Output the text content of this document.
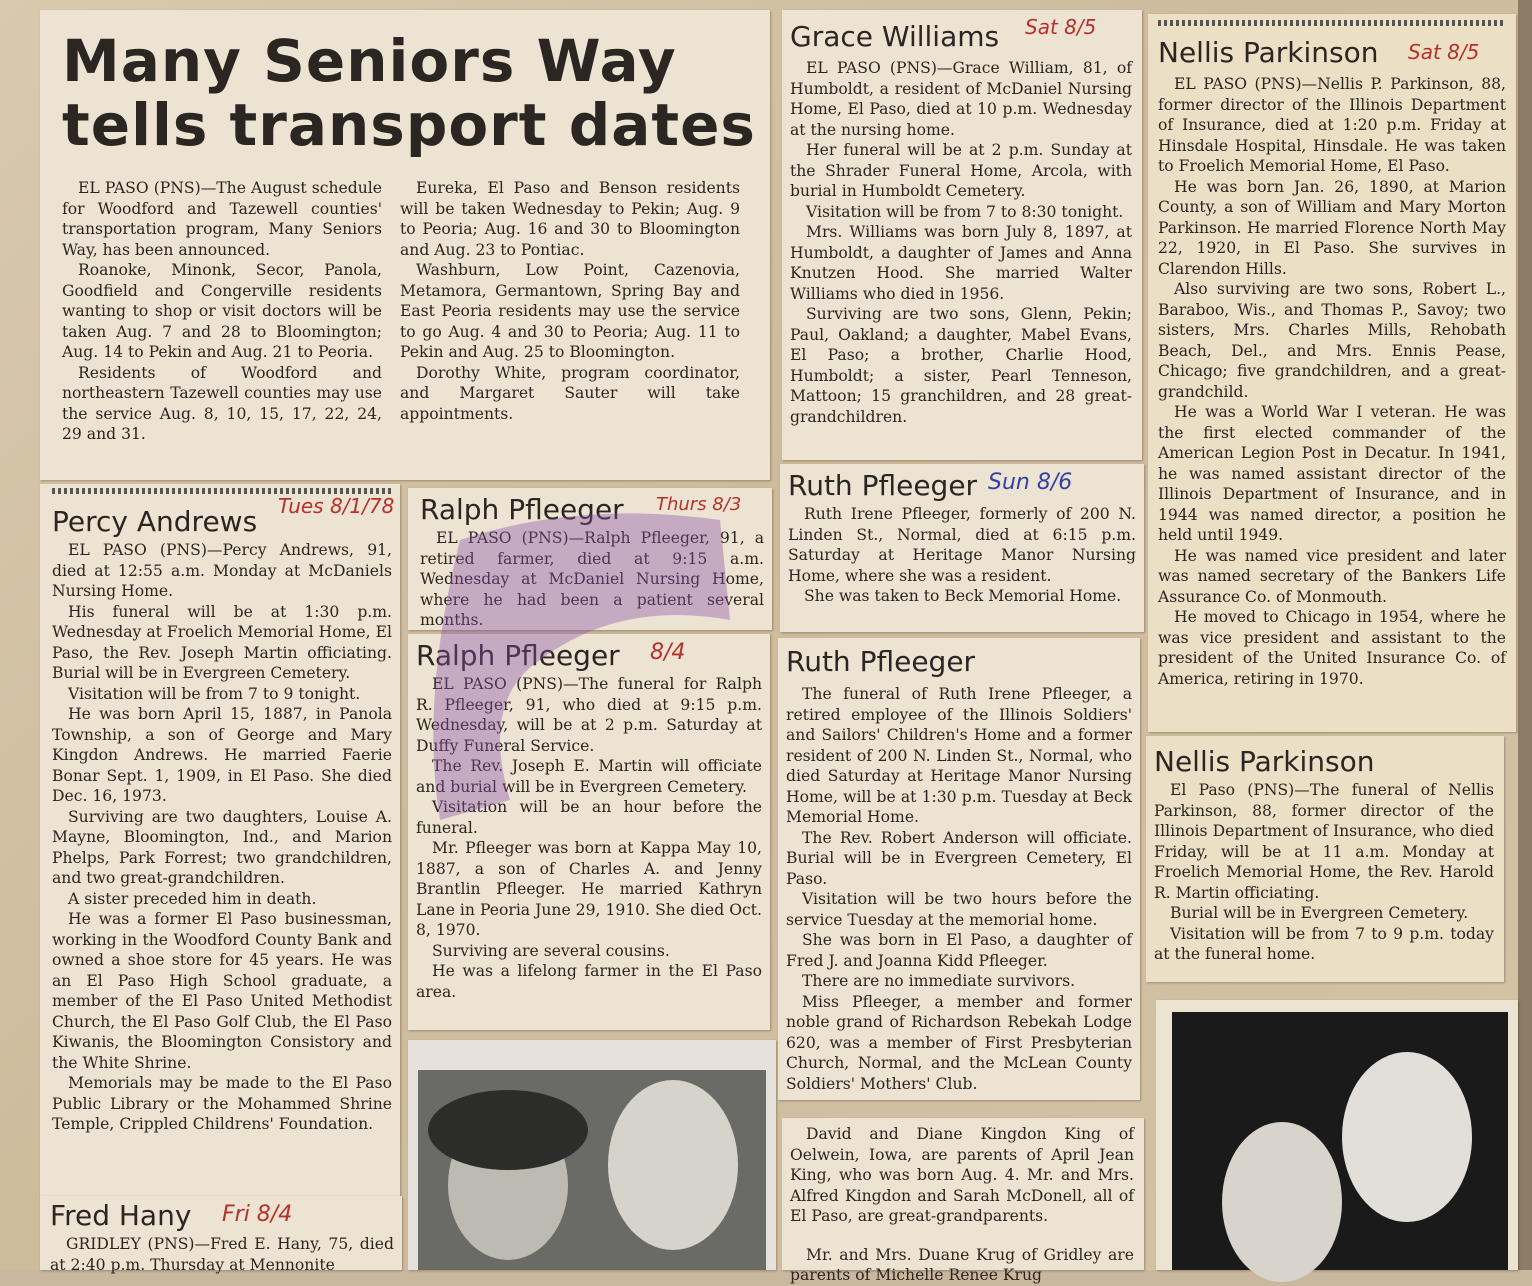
Many Seniors Way
tells transport dates

EL PASO (PNS)—The August schedule for Woodford and Tazewell counties' transportation program, Many Seniors Way, has been announced.

Roanoke, Minonk, Secor, Panola, Goodfield and Congerville residents wanting to shop or visit doctors will be taken Aug. 7 and 28 to Bloomington; Aug. 14 to Pekin and Aug. 21 to Peoria.

Residents of Woodford and northeastern Tazewell counties may use the service Aug. 8, 10, 15, 17, 22, 24, 29 and 31.

Eureka, El Paso and Benson residents will be taken Wednesday to Pekin; Aug. 9 to Peoria; Aug. 16 and 30 to Bloomington and Aug. 23 to Pontiac.

Washburn, Low Point, Cazenovia, Metamora, Germantown, Spring Bay and East Peoria residents may use the service to go Aug. 4 and 30 to Peoria; Aug. 11 to Pekin and Aug. 25 to Bloomington.

Dorothy White, program coordinator, and Margaret Sauter will take appointments.

Grace Williams

EL PASO (PNS)—Grace William, 81, of Humboldt, a resident of McDaniel Nursing Home, El Paso, died at 10 p.m. Wednesday at the nursing home.

Her funeral will be at 2 p.m. Sunday at the Shrader Funeral Home, Arcola, with burial in Humboldt Cemetery.

Visitation will be from 7 to 8:30 tonight.

Mrs. Williams was born July 8, 1897, at Humboldt, a daughter of James and Anna Knutzen Hood. She married Walter Williams who died in 1956.

Surviving are two sons, Glenn, Pekin; Paul, Oakland; a daughter, Mabel Evans, El Paso; a brother, Charlie Hood, Humboldt; a sister, Pearl Tenneson, Mattoon; 15 granchildren, and 28 great-grandchildren.

Sat 8/5
Nellis Parkinson

EL PASO (PNS)—Nellis P. Parkinson, 88, former director of the Illinois Department of Insurance, died at 1:20 p.m. Friday at Hinsdale Hospital, Hinsdale. He was taken to Froelich Memorial Home, El Paso.

He was born Jan. 26, 1890, at Marion County, a son of William and Mary Morton Parkinson. He married Florence North May 22, 1920, in El Paso. She survives in Clarendon Hills.

Also surviving are two sons, Robert L., Baraboo, Wis., and Thomas P., Savoy; two sisters, Mrs. Charles Mills, Rehobath Beach, Del., and Mrs. Ennis Pease, Chicago; five grandchildren, and a great-grandchild.

He was a World War I veteran. He was the first elected commander of the American Legion Post in Decatur. In 1941, he was named assistant director of the Illinois Department of Insurance, and in 1944 was named director, a position he held until 1949.

He was named vice president and later was named secretary of the Bankers Life Assurance Co. of Monmouth.

He moved to Chicago in 1954, where he was vice president and assistant to the president of the United Insurance Co. of America, retiring in 1970.

Sat 8/5
Percy Andrews

EL PASO (PNS)—Percy Andrews, 91, died at 12:55 a.m. Monday at McDaniels Nursing Home.

His funeral will be at 1:30 p.m. Wednesday at Froelich Memorial Home, El Paso, the Rev. Joseph Martin officiating. Burial will be in Evergreen Cemetery.

Visitation will be from 7 to 9 tonight.

He was born April 15, 1887, in Panola Township, a son of George and Mary Kingdon Andrews. He married Faerie Bonar Sept. 1, 1909, in El Paso. She died Dec. 16, 1973.

Surviving are two daughters, Louise A. Mayne, Bloomington, Ind., and Marion Phelps, Park Forrest; two grandchildren, and two great-grandchildren.

A sister preceded him in death.

He was a former El Paso businessman, working in the Woodford County Bank and owned a shoe store for 45 years. He was an El Paso High School graduate, a member of the El Paso United Methodist Church, the El Paso Golf Club, the El Paso Kiwanis, the Bloomington Consistory and the White Shrine.

Memorials may be made to the El Paso Public Library or the Mohammed Shrine Temple, Crippled Childrens' Foundation.

Tues 8/1/78
Fred Hany

GRIDLEY (PNS)—Fred E. Hany, 75, died at 2:40 p.m. Thursday at Mennonite

Fri 8/4
Ralph Pfleeger

EL PASO (PNS)—Ralph Pfleeger, 91, a retired farmer, died at 9:15 a.m. Wednesday at McDaniel Nursing Home, where he had been a patient several months.

Thurs 8/3
Ralph Pfleeger

EL PASO (PNS)—The funeral for Ralph R. Pfleeger, 91, who died at 9:15 p.m. Wednesday, will be at 2 p.m. Saturday at Duffy Funeral Service.

The Rev. Joseph E. Martin will officiate and burial will be in Evergreen Cemetery.

Visitation will be an hour before the funeral.

Mr. Pfleeger was born at Kappa May 10, 1887, a son of Charles A. and Jenny Brantlin Pfleeger. He married Kathryn Lane in Peoria June 29, 1910. She died Oct. 8, 1970.

Surviving are several cousins.

He was a lifelong farmer in the El Paso area.

8/4
Ruth Pfleeger

Ruth Irene Pfleeger, formerly of 200 N. Linden St., Normal, died at 6:15 p.m. Saturday at Heritage Manor Nursing Home, where she was a resident.

She was taken to Beck Memorial Home.

Sun 8/6
Ruth Pfleeger

The funeral of Ruth Irene Pfleeger, a retired employee of the Illinois Soldiers' and Sailors' Children's Home and a former resident of 200 N. Linden St., Normal, who died Saturday at Heritage Manor Nursing Home, will be at 1:30 p.m. Tuesday at Beck Memorial Home.

The Rev. Robert Anderson will officiate. Burial will be in Evergreen Cemetery, El Paso.

Visitation will be two hours before the service Tuesday at the memorial home.

She was born in El Paso, a daughter of Fred J. and Joanna Kidd Pfleeger.

There are no immediate survivors.

Miss Pfleeger, a member and former noble grand of Richardson Rebekah Lodge 620, was a member of First Presbyterian Church, Normal, and the McLean County Soldiers' Mothers' Club.

Nellis Parkinson

El Paso (PNS)—The funeral of Nellis Parkinson, 88, former director of the Illinois Department of Insurance, who died Friday, will be at 11 a.m. Monday at Froelich Memorial Home, the Rev. Harold R. Martin officiating.

Burial will be in Evergreen Cemetery.

Visitation will be from 7 to 9 p.m. today at the funeral home.

David and Diane Kingdon King of Oelwein, Iowa, are parents of April Jean King, who was born Aug. 4. Mr. and Mrs. Alfred Kingdon and Sarah McDonell, all of El Paso, are great-grandparents.

Mr. and Mrs. Duane Krug of Gridley are parents of Michelle Renee Krug
